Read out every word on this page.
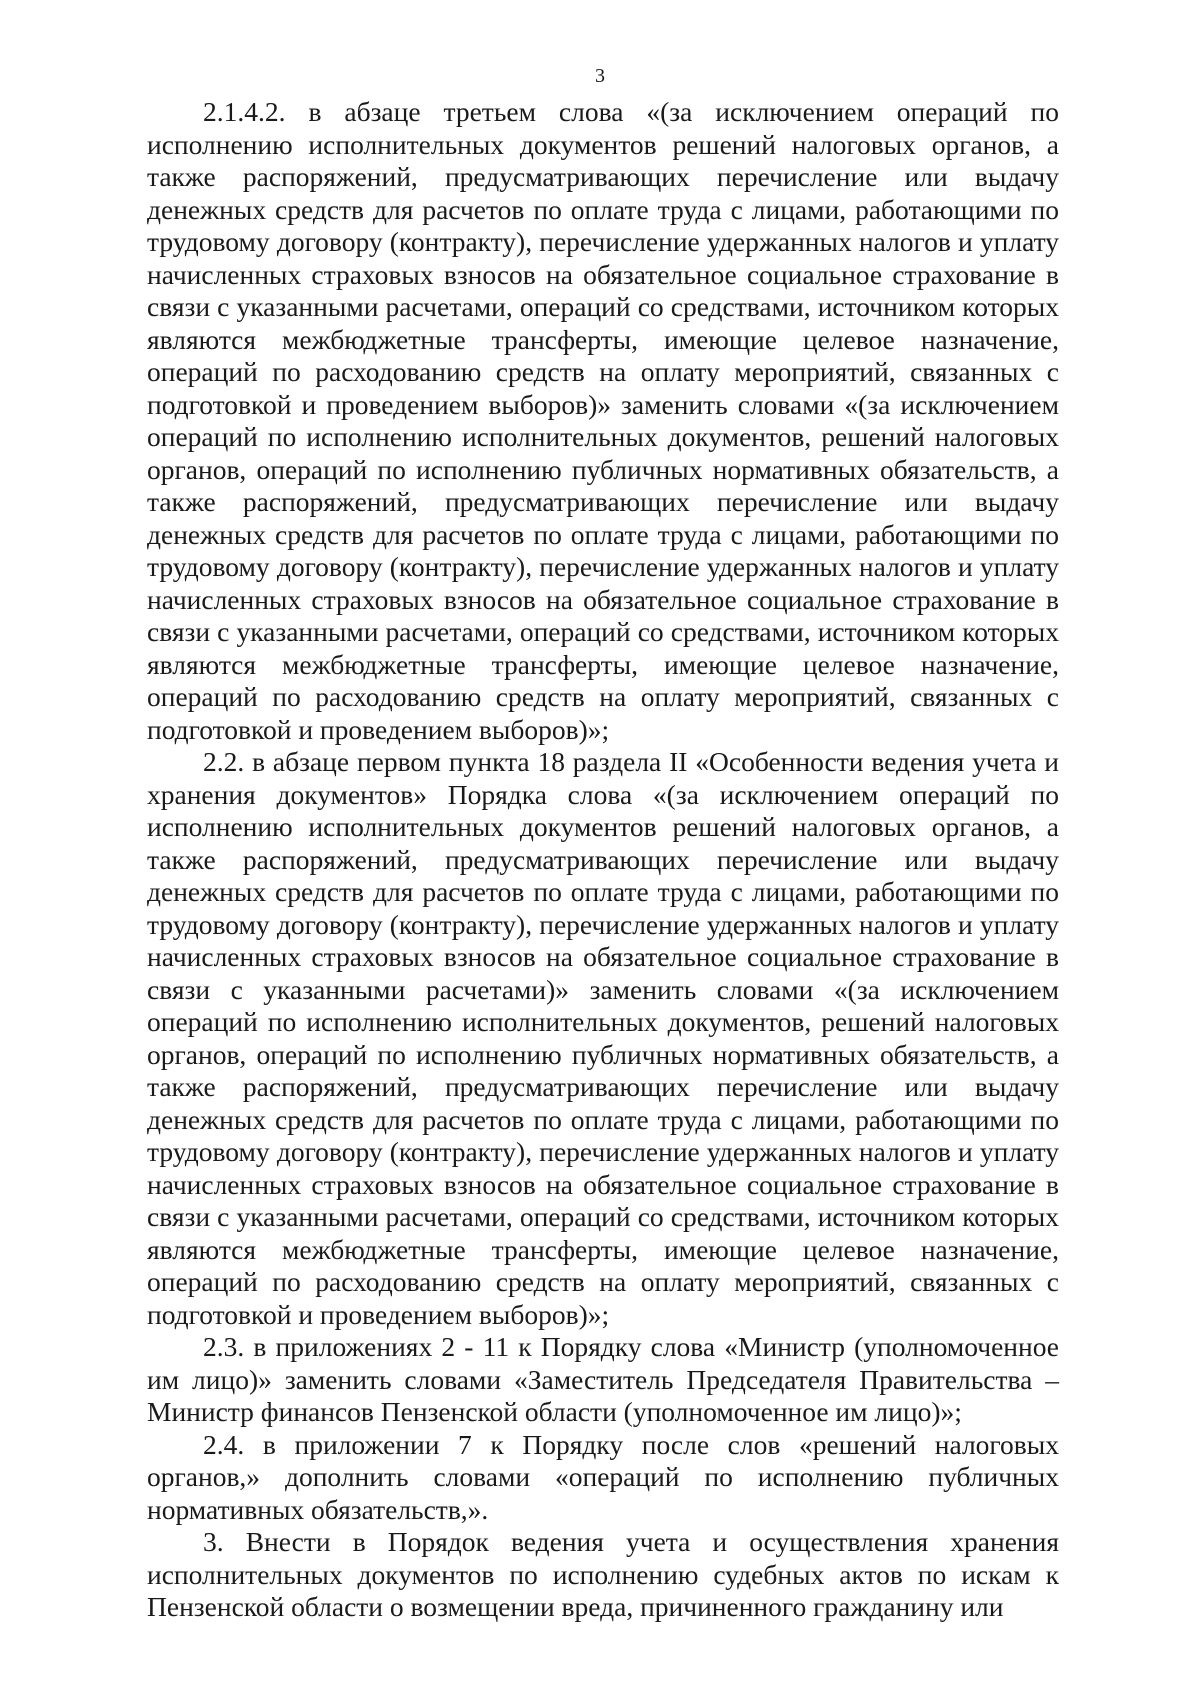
3

2.1.4.2. в абзаце третьем слова «(за исключением операций по исполнению исполнительных документов решений налоговых органов, а также распоряжений, предусматривающих перечисление или выдачу денежных средств для расчетов по оплате труда с лицами, работающими по трудовому договору (контракту), перечисление удержанных налогов и уплату начисленных страховых взносов на обязательное социальное страхование в связи с указанными расчетами, операций со средствами, источником которых являются межбюджетные трансферты, имеющие целевое назначение, операций по расходованию средств на оплату мероприятий, связанных с подготовкой и проведением выборов)» заменить словами «(за исключением операций по исполнению исполнительных документов, решений налоговых органов, операций по исполнению публичных нормативных обязательств, а также распоряжений, предусматривающих перечисление или выдачу денежных средств для расчетов по оплате труда с лицами, работающими по трудовому договору (контракту), перечисление удержанных налогов и уплату начисленных страховых взносов на обязательное социальное страхование в связи с указанными расчетами, операций со средствами, источником которых являются межбюджетные трансферты, имеющие целевое назначение, операций по расходованию средств на оплату мероприятий, связанных с подготовкой и проведением выборов)»;

2.2. в абзаце первом пункта 18 раздела II «Особенности ведения учета и хранения документов» Порядка слова «(за исключением операций по исполнению исполнительных документов решений налоговых органов, а также распоряжений, предусматривающих перечисление или выдачу денежных средств для расчетов по оплате труда с лицами, работающими по трудовому договору (контракту), перечисление удержанных налогов и уплату начисленных страховых взносов на обязательное социальное страхование в связи с указанными расчетами)» заменить словами «(за исключением операций по исполнению исполнительных документов, решений налоговых органов, операций по исполнению публичных нормативных обязательств, а также распоряжений, предусматривающих перечисление или выдачу денежных средств для расчетов по оплате труда с лицами, работающими по трудовому договору (контракту), перечисление удержанных налогов и уплату начисленных страховых взносов на обязательное социальное страхование в связи с указанными расчетами, операций со средствами, источником которых являются межбюджетные трансферты, имеющие целевое назначение, операций по расходованию средств на оплату мероприятий, связанных с подготовкой и проведением выборов)»;

2.3. в приложениях 2 - 11 к Порядку слова «Министр (уполномоченное им лицо)» заменить словами «Заместитель Председателя Правительства – Министр финансов Пензенской области (уполномоченное им лицо)»;

2.4. в приложении 7 к Порядку после слов «решений налоговых органов,» дополнить словами «операций по исполнению публичных нормативных обязательств,».

3. Внести в Порядок ведения учета и осуществления хранения исполнительных документов по исполнению судебных актов по искам к Пензенской области о возмещении вреда, причиненного гражданину или
